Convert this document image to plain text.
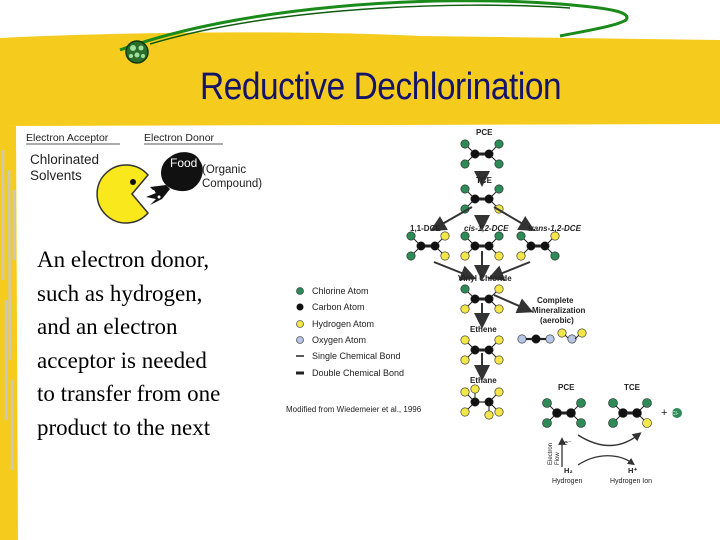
Reductive Dechlorination
Electron Acceptor	Electron Donor
Chlorinated Solvents
Food (Organic Compound)
An electron donor,
such as hydrogen,
and an electron
acceptor is needed
to transfer from one
product to the next
PCE
TCE
1,1-DCE	cis-1,2-DCE trans-1,2-DCE
Vinyl Chloride
Complete Mineralization (aerobic)
Ethene
Ethane
Chlorine Atom
Carbon Atom
Hydrogen Atom
Oxygen Atom
Single Chemical Bond
Double Chemical Bond
Modified from Wiedemeier et al., 1996
PCE	TCE
+ Cl-
ElectronFlow
e⁻
H₂
Hydrogen
H⁺
Hydrogen Ion
